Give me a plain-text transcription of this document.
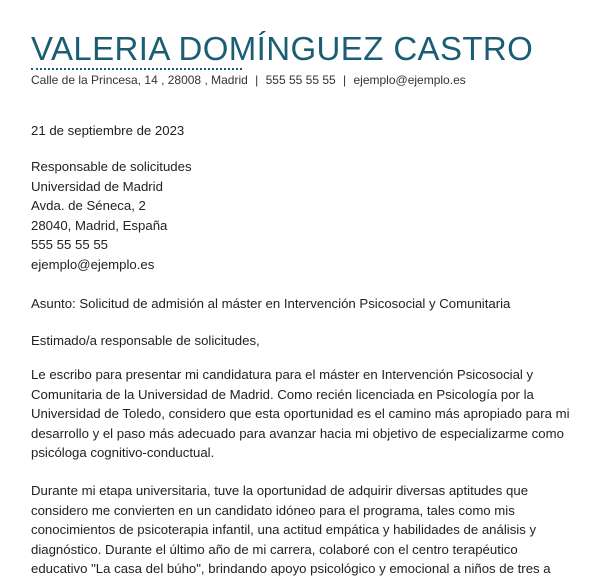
VALERIA DOMÍNGUEZ CASTRO
Calle de la Princesa, 14 , 28008 , Madrid | 555 55 55 55 | ejemplo@ejemplo.es
21 de septiembre de 2023
Responsable de solicitudes
Universidad de Madrid
Avda. de Séneca, 2
28040, Madrid, España
555 55 55 55
ejemplo@ejemplo.es
Asunto: Solicitud de admisión al máster en Intervención Psicosocial y Comunitaria
Estimado/a responsable de solicitudes,

Le escribo para presentar mi candidatura para el máster en Intervención Psicosocial y Comunitaria de la Universidad de Madrid. Como recién licenciada en Psicología por la Universidad de Toledo, considero que esta oportunidad es el camino más apropiado para mi desarrollo y el paso más adecuado para avanzar hacia mi objetivo de especializarme como psicóloga cognitivo-conductual.

Durante mi etapa universitaria, tuve la oportunidad de adquirir diversas aptitudes que considero me convierten en un candidato idóneo para el programa, tales como mis conocimientos de psicoterapia infantil, una actitud empática y habilidades de análisis y diagnóstico. Durante el último año de mi carrera, colaboré con el centro terapéutico educativo "La casa del búho", brindando apoyo psicológico y emocional a niños de tres a
